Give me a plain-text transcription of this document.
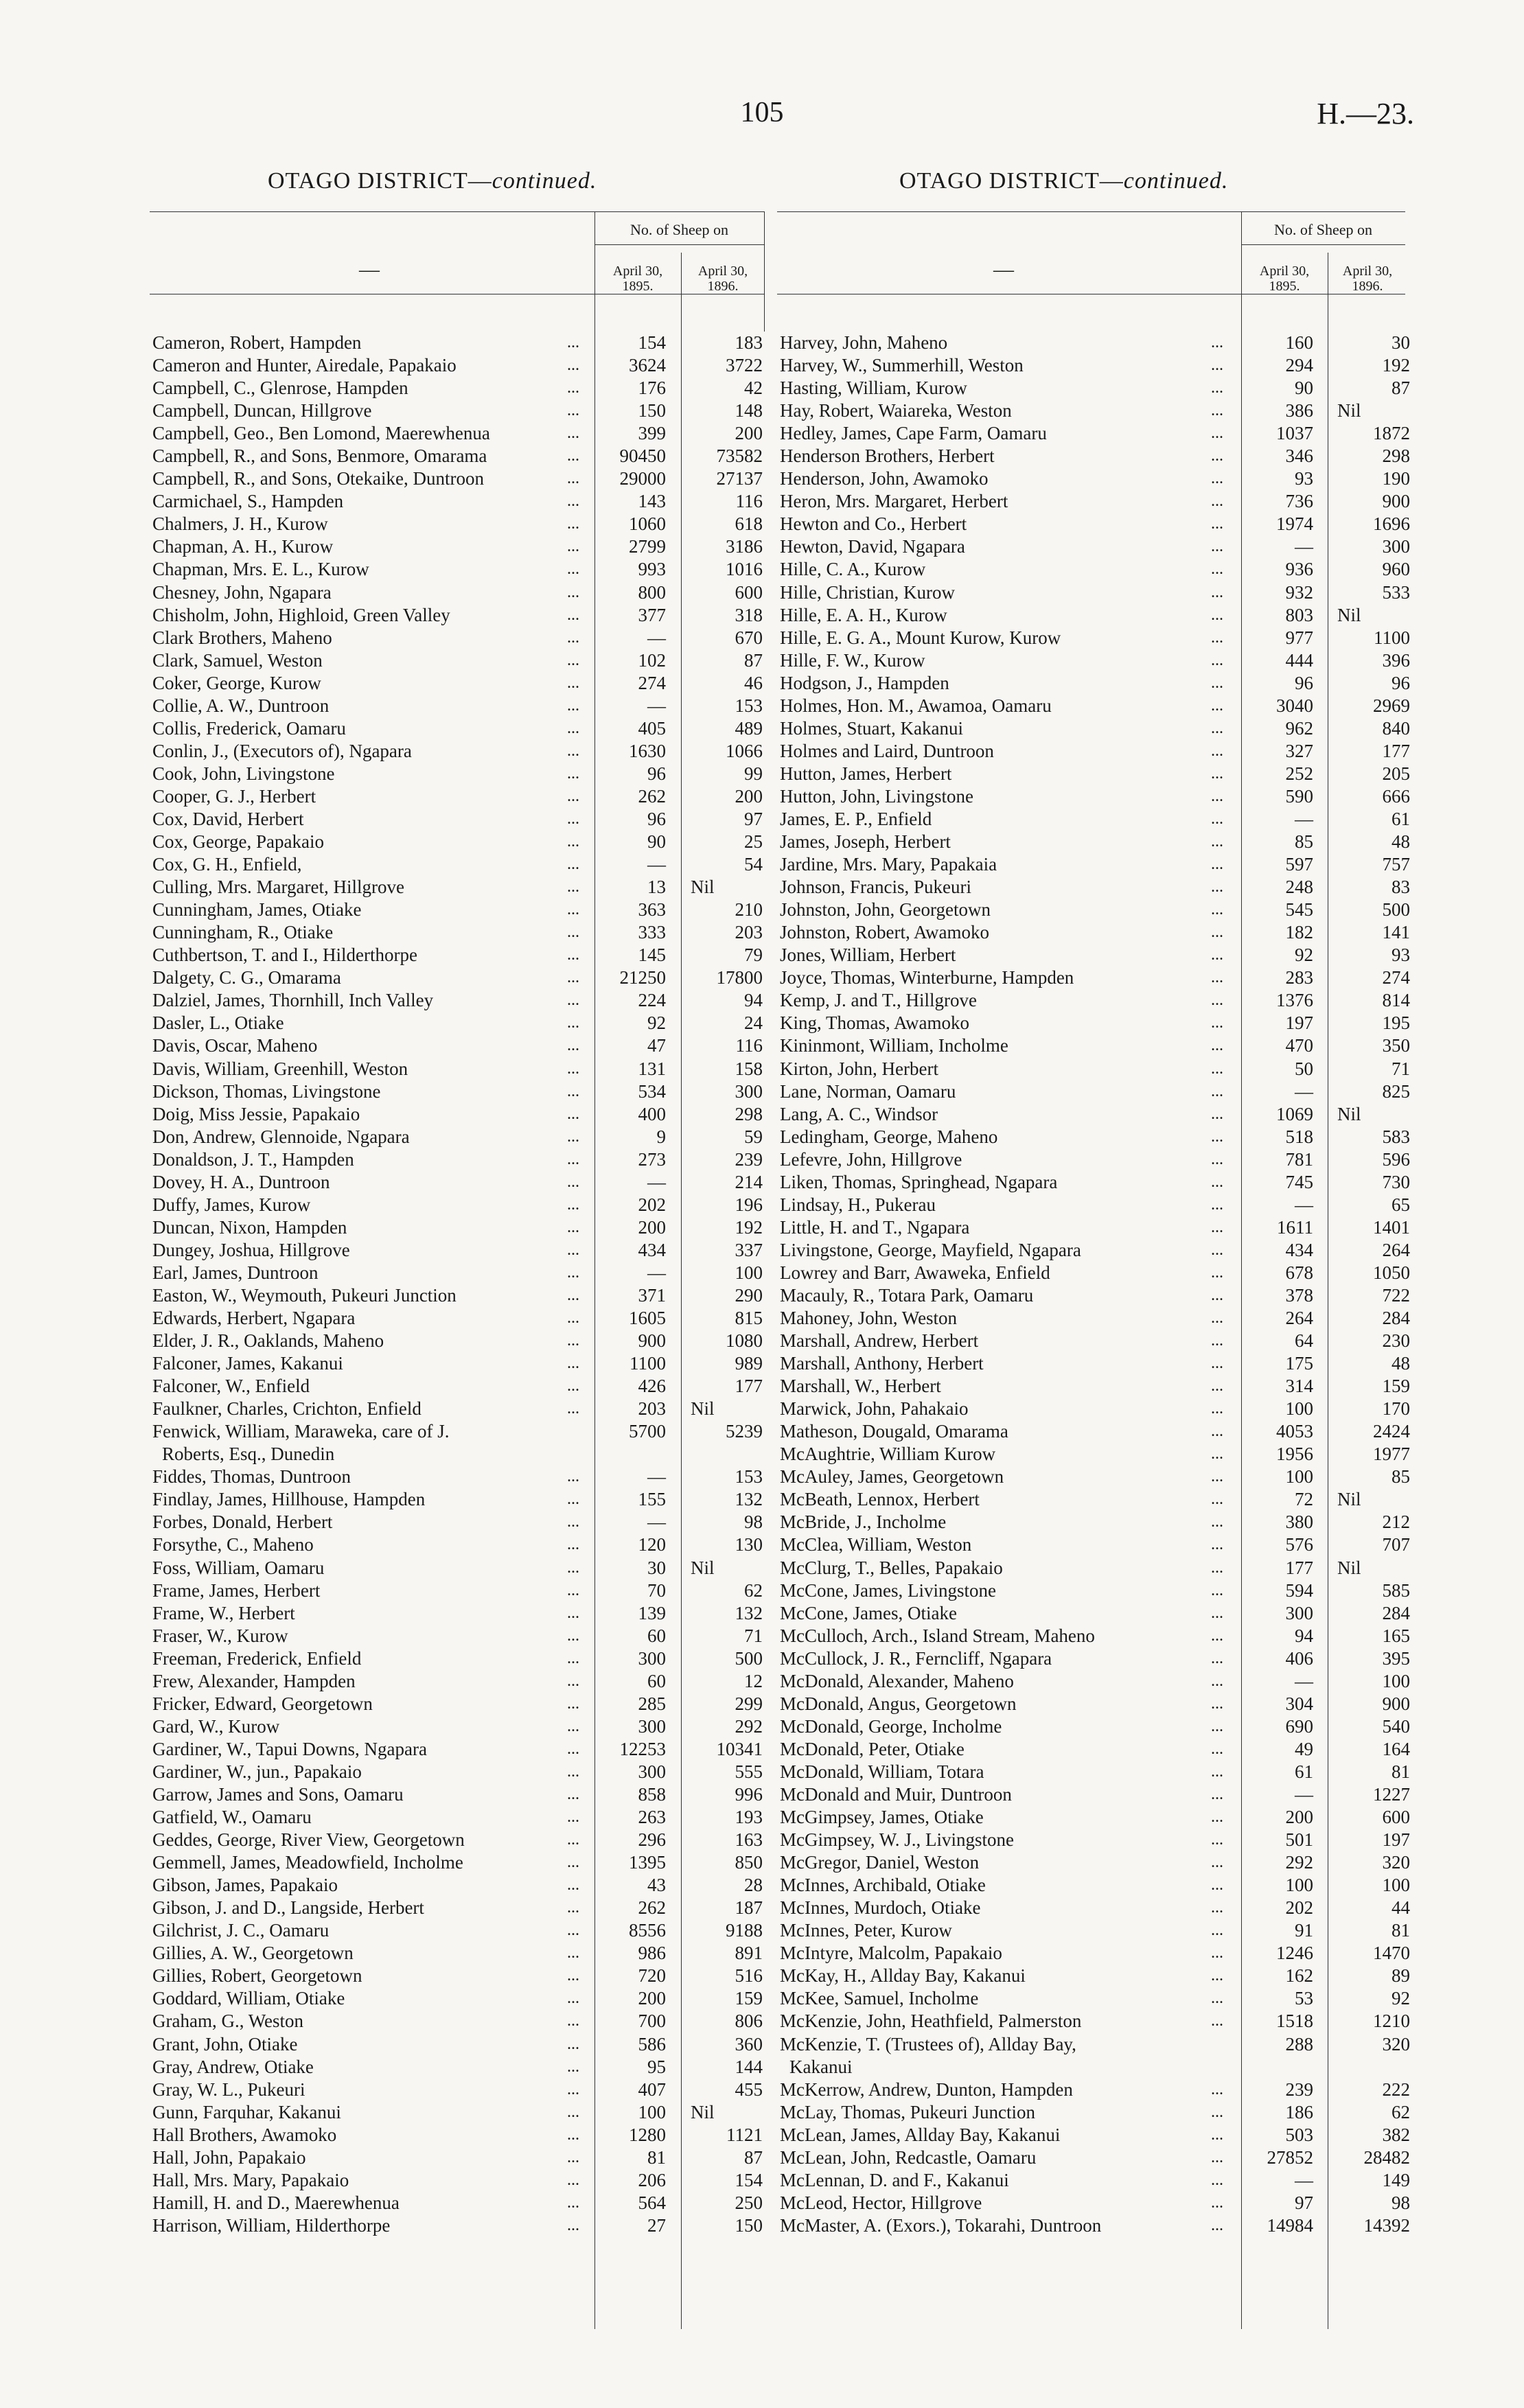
105	H.—23.
OTAGO DISTRICT—continued.	OTAGO DISTRICT—continued.
—
No. of Sheep on
April 30, 1895.
April 30, 1896.
Cameron, Robert, Hampden	...	154	183
Cameron and Hunter, Airedale, Papakaio	...	3624	3722
Campbell, C., Glenrose, Hampden	...	176	42
Campbell, Duncan, Hillgrove	...	150	148
Campbell, Geo., Ben Lomond, Maerewhenua	...	399	200
Campbell, R., and Sons, Benmore, Omarama	...	90450	73582
Campbell, R., and Sons, Otekaike, Duntroon	...	29000	27137
Carmichael, S., Hampden	...	143	116
Chalmers, J. H., Kurow	...	1060	618
Chapman, A. H., Kurow	...	2799	3186
Chapman, Mrs. E. L., Kurow	...	993	1016
Chesney, John, Ngapara	...	800	600
Chisholm, John, Highloid, Green Valley	...	377	318
Clark Brothers, Maheno	...	—	670
Clark, Samuel, Weston	...	102	87
Coker, George, Kurow	...	274	46
Collie, A. W., Duntroon	...	—	153
Collis, Frederick, Oamaru	...	405	489
Conlin, J., (Executors of), Ngapara	...	1630	1066
Cook, John, Livingstone	...	96	99
Cooper, G. J., Herbert	...	262	200
Cox, David, Herbert	...	96	97
Cox, George, Papakaio	...	90	25
Cox, G. H., Enfield,	...	—	54
Culling, Mrs. Margaret, Hillgrove	...	13 Nil
Cunningham, James, Otiake	...	363	210
Cunningham, R., Otiake	...	333	203
Cuthbertson, T. and I., Hilderthorpe	...	145	79
Dalgety, C. G., Omarama	...	21250	17800
Dalziel, James, Thornhill, Inch Valley	...	224	94
Dasler, L., Otiake	...	92	24
Davis, Oscar, Maheno	...	47	116
Davis, William, Greenhill, Weston	...	131	158
Dickson, Thomas, Livingstone	...	534	300
Doig, Miss Jessie, Papakaio	...	400	298
Don, Andrew, Glennoide, Ngapara	...	9	59
Donaldson, J. T., Hampden	...	273	239
Dovey, H. A., Duntroon	...	—	214
Duffy, James, Kurow	...	202	196
Duncan, Nixon, Hampden	...	200	192
Dungey, Joshua, Hillgrove	...	434	337
Earl, James, Duntroon	...	—	100
Easton, W., Weymouth, Pukeuri Junction	...	371	290
Edwards, Herbert, Ngapara	...	1605	815
Elder, J. R., Oaklands, Maheno	...	900	1080
Falconer, James, Kakanui	...	1100	989
Falconer, W., Enfield	...	426	177
Faulkner, Charles, Crichton, Enfield	...	203 Nil
Fenwick, William, Maraweka, care of J.
Roberts, Esq., Dunedin
5700	5239
Fiddes, Thomas, Duntroon	...	—	153
Findlay, James, Hillhouse, Hampden	...	155	132
Forbes, Donald, Herbert	...	—	98
Forsythe, C., Maheno	...	120	130
Foss, William, Oamaru	...	30 Nil
Frame, James, Herbert	...	70	62
Frame, W., Herbert	...	139	132
Fraser, W., Kurow	...	60	71
Freeman, Frederick, Enfield	...	300	500
Frew, Alexander, Hampden	...	60	12
Fricker, Edward, Georgetown	...	285	299
Gard, W., Kurow	...	300	292
Gardiner, W., Tapui Downs, Ngapara	...	12253	10341
Gardiner, W., jun., Papakaio	...	300	555
Garrow, James and Sons, Oamaru	...	858	996
Gatfield, W., Oamaru	...	263	193
Geddes, George, River View, Georgetown	...	296	163
Gemmell, James, Meadowfield, Incholme	...	1395	850
Gibson, James, Papakaio	...	43	28
Gibson, J. and D., Langside, Herbert	...	262	187
Gilchrist, J. C., Oamaru	...	8556	9188
Gillies, A. W., Georgetown	...	986	891
Gillies, Robert, Georgetown	...	720	516
Goddard, William, Otiake	...	200	159
Graham, G., Weston	...	700	806
Grant, John, Otiake	...	586	360
Gray, Andrew, Otiake	...	95	144
Gray, W. L., Pukeuri	...	407	455
Gunn, Farquhar, Kakanui	...	100 Nil
Hall Brothers, Awamoko	...	1280	1121
Hall, John, Papakaio	...	81	87
Hall, Mrs. Mary, Papakaio	...	206	154
Hamill, H. and D., Maerewhenua	...	564	250
Harrison, William, Hilderthorpe	...	27	150
—
No. of Sheep on
April 30, 1895.
April 30, 1896.
Harvey, John, Maheno	...	160	30
Harvey, W., Summerhill, Weston	...	294	192
Hasting, William, Kurow	...	90	87
Hay, Robert, Waiareka, Weston	...	386 Nil
Hedley, James, Cape Farm, Oamaru	...	1037	1872
Henderson Brothers, Herbert	...	346	298
Henderson, John, Awamoko	...	93	190
Heron, Mrs. Margaret, Herbert	...	736	900
Hewton and Co., Herbert	...	1974	1696
Hewton, David, Ngapara	...	—	300
Hille, C. A., Kurow	...	936	960
Hille, Christian, Kurow	...	932	533
Hille, E. A. H., Kurow	...	803 Nil
Hille, E. G. A., Mount Kurow, Kurow	...	977	1100
Hille, F. W., Kurow	...	444	396
Hodgson, J., Hampden	...	96	96
Holmes, Hon. M., Awamoa, Oamaru	...	3040	2969
Holmes, Stuart, Kakanui	...	962	840
Holmes and Laird, Duntroon	...	327	177
Hutton, James, Herbert	...	252	205
Hutton, John, Livingstone	...	590	666
James, E. P., Enfield	...	—	61
James, Joseph, Herbert	...	85	48
Jardine, Mrs. Mary, Papakaia	...	597	757
Johnson, Francis, Pukeuri	...	248	83
Johnston, John, Georgetown	...	545	500
Johnston, Robert, Awamoko	...	182	141
Jones, William, Herbert	...	92	93
Joyce, Thomas, Winterburne, Hampden	...	283	274
Kemp, J. and T., Hillgrove	...	1376	814
King, Thomas, Awamoko	...	197	195
Kininmont, William, Incholme	...	470	350
Kirton, John, Herbert	...	50	71
Lane, Norman, Oamaru	...	—	825
Lang, A. C., Windsor	...	1069 Nil
Ledingham, George, Maheno	...	518	583
Lefevre, John, Hillgrove	...	781	596
Liken, Thomas, Springhead, Ngapara	...	745	730
Lindsay, H., Pukerau	...	—	65
Little, H. and T., Ngapara	...	1611	1401
Livingstone, George, Mayfield, Ngapara	...	434	264
Lowrey and Barr, Awaweka, Enfield	...	678	1050
Macauly, R., Totara Park, Oamaru	...	378	722
Mahoney, John, Weston	...	264	284
Marshall, Andrew, Herbert	...	64	230
Marshall, Anthony, Herbert	...	175	48
Marshall, W., Herbert	...	314	159
Marwick, John, Pahakaio	...	100	170
Matheson, Dougald, Omarama	...	4053	2424
McAughtrie, William Kurow	...	1956	1977
McAuley, James, Georgetown	...	100	85
McBeath, Lennox, Herbert	...	72 Nil
McBride, J., Incholme	...	380	212
McClea, William, Weston	...	576	707
McClurg, T., Belles, Papakaio	...	177 Nil
McCone, James, Livingstone	...	594	585
McCone, James, Otiake	...	300	284
McCulloch, Arch., Island Stream, Maheno	...	94	165
McCullock, J. R., Ferncliff, Ngapara	...	406	395
McDonald, Alexander, Maheno	...	—	100
McDonald, Angus, Georgetown	...	304	900
McDonald, George, Incholme	...	690	540
McDonald, Peter, Otiake	...	49	164
McDonald, William, Totara	...	61	81
McDonald and Muir, Duntroon	...	—	1227
McGimpsey, James, Otiake	...	200	600
McGimpsey, W. J., Livingstone	...	501	197
McGregor, Daniel, Weston	...	292	320
McInnes, Archibald, Otiake	...	100	100
McInnes, Murdoch, Otiake	...	202	44
McInnes, Peter, Kurow	...	91	81
McIntyre, Malcolm, Papakaio	...	1246	1470
McKay, H., Allday Bay, Kakanui	...	162	89
McKee, Samuel, Incholme	...	53	92
McKenzie, John, Heathfield, Palmerston	...	1518	1210
McKenzie, T. (Trustees of), Allday Bay,
Kakanui
288	320
McKerrow, Andrew, Dunton, Hampden	...	239	222
McLay, Thomas, Pukeuri Junction	...	186	62
McLean, James, Allday Bay, Kakanui	...	503	382
McLean, John, Redcastle, Oamaru	...	27852	28482
McLennan, D. and F., Kakanui	...	—	149
McLeod, Hector, Hillgrove	...	97	98
McMaster, A. (Exors.), Tokarahi, Duntroon	...	14984	14392
